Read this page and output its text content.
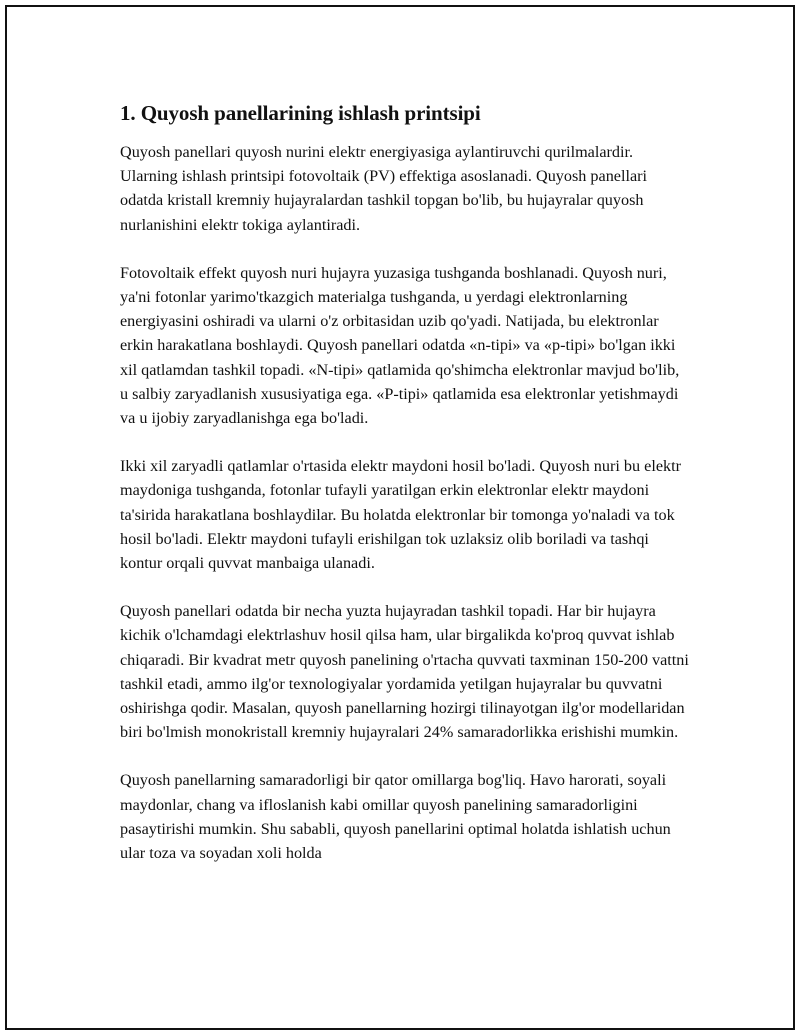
1. Quyosh panellarining ishlash printsipi

Quyosh panellari quyosh nurini elektr energiyasiga aylantiruvchi qurilmalardir. Ularning ishlash printsipi fotovoltaik (PV) effektiga asoslanadi. Quyosh panellari odatda kristall kremniy hujayralardan tashkil topgan bo'lib, bu hujayralar quyosh nurlanishini elektr tokiga aylantiradi.

Fotovoltaik effekt quyosh nuri hujayra yuzasiga tushganda boshlanadi. Quyosh nuri, ya'ni fotonlar yarimo'tkazgich materialga tushganda, u yerdagi elektronlarning energiyasini oshiradi va ularni o'z orbitasidan uzib qo'yadi. Natijada, bu elektronlar erkin harakatlana boshlaydi. Quyosh panellari odatda «n-tipi» va «p-tipi» bo'lgan ikki xil qatlamdan tashkil topadi. «N-tipi» qatlamida qo'shimcha elektronlar mavjud bo'lib, u salbiy zaryadlanish xususiyatiga ega. «P-tipi» qatlamida esa elektronlar yetishmaydi va u ijobiy zaryadlanishga ega bo'ladi.

Ikki xil zaryadli qatlamlar o'rtasida elektr maydoni hosil bo'ladi. Quyosh nuri bu elektr maydoniga tushganda, fotonlar tufayli yaratilgan erkin elektronlar elektr maydoni ta'sirida harakatlana boshlaydilar. Bu holatda elektronlar bir tomonga yo'naladi va tok hosil bo'ladi. Elektr maydoni tufayli erishilgan tok uzlaksiz olib boriladi va tashqi kontur orqali quvvat manbaiga ulanadi.

Quyosh panellari odatda bir necha yuzta hujayradan tashkil topadi. Har bir hujayra kichik o'lchamdagi elektrlashuv hosil qilsa ham, ular birgalikda ko'proq quvvat ishlab chiqaradi. Bir kvadrat metr quyosh panelining o'rtacha quvvati taxminan 150-200 vattni tashkil etadi, ammo ilg'or texnologiyalar yordamida yetilgan hujayralar bu quvvatni oshirishga qodir. Masalan, quyosh panellarning hozirgi tilinayotgan ilg'or modellaridan biri bo'lmish monokristall kremniy hujayralari 24% samaradorlikka erishishi mumkin.

Quyosh panellarning samaradorligi bir qator omillarga bog'liq. Havo harorati, soyali maydonlar, chang va ifloslanish kabi omillar quyosh panelining samaradorligini pasaytirishi mumkin. Shu sababli, quyosh panellarini optimal holatda ishlatish uchun ular toza va soyadan xoli holda
